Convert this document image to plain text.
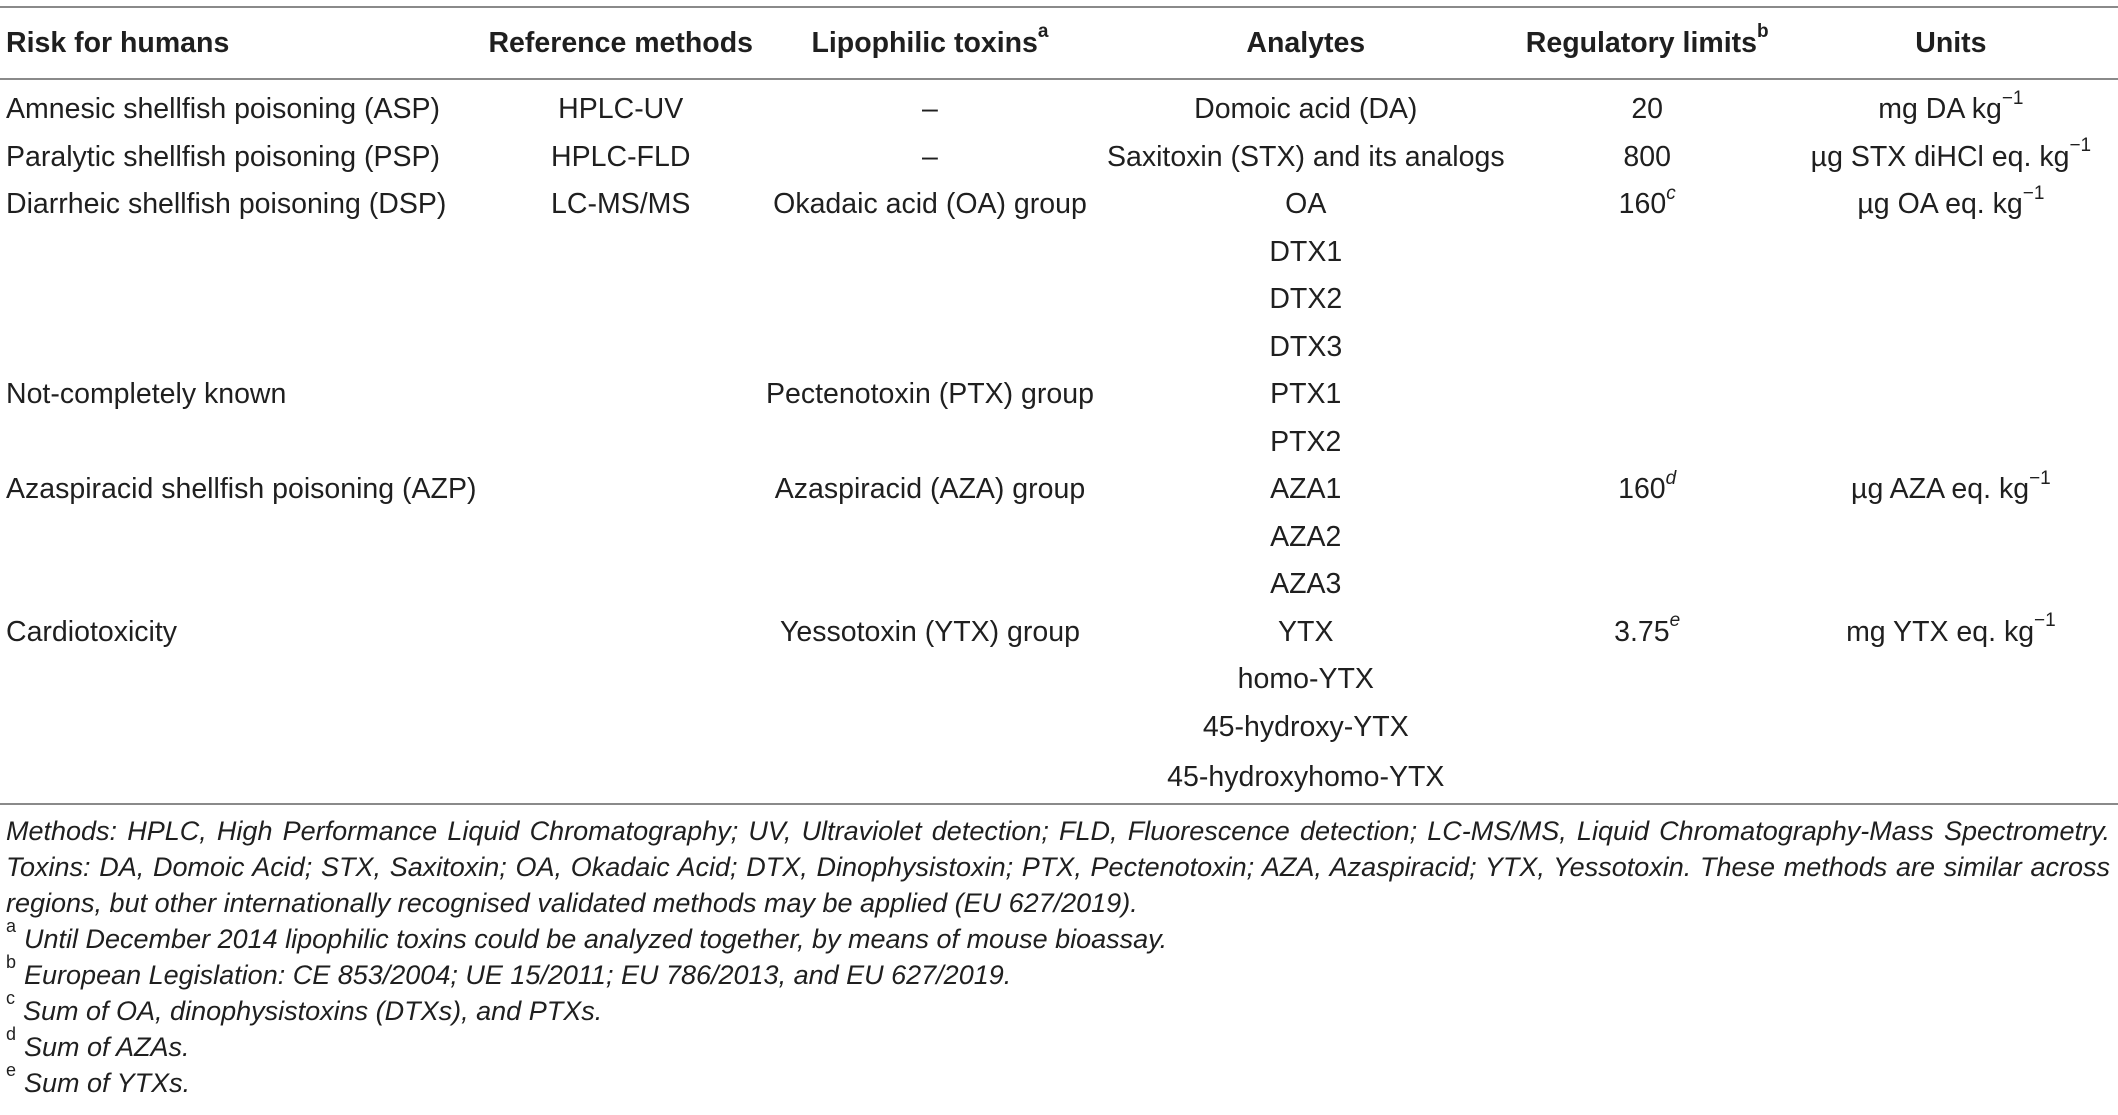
Risk for humans	Reference methods	Lipophilic toxins$^a$	Analytes	Regulatory limits$^b$	Units
Amnesic shellfish poisoning (ASP)	HPLC-UV	–	Domoic acid (DA)	20	mg DA $kg^{-1}$
Paralytic shellfish poisoning (PSP)	HPLC-FLD	–	Saxitoxin (STX) and its analogs	800	µg STX diHCl eq. $kg^{-1}$
Diarrheic shellfish poisoning (DSP)	LC-MS/MS	Okadaic acid (OA) group	OA	160$^c$	µg OA eq. $kg^{-1}$
			DTX1		
			DTX2		
			DTX3		
Not-completely known		Pectenotoxin (PTX) group	PTX1		
			PTX2		
Azaspiracid shellfish poisoning (AZP)		Azaspiracid (AZA) group	AZA1	160$^d$	µg AZA eq. $kg^{-1}$
			AZA2		
			AZA3		
Cardiotoxicity		Yessotoxin (YTX) group	YTX	3.75e	mg YTX eq. $kg^{-1}$
			homo-YTX		
			45-hydroxy-YTX		
			45-hydroxyhomo-YTX		
Methods: HPLC, High Performance Liquid Chromatography; UV, Ultraviolet detection; FLD, Fluorescence detection; LC-MS/MS, Liquid Chromatography-Mass Spectrometry. Toxins: DA, Domoic Acid; STX, Saxitoxin; OA, Okadaic Acid; DTX, Dinophysistoxin; PTX, Pectenotoxin; AZA, Azaspiracid; YTX, Yessotoxin. These methods are similar across regions, but other internationally recognised validated methods may be applied (EU 627/2019).
$^a$ Until December 2014 lipophilic toxins could be analyzed together, by means of mouse bioassay.
$^b$ European Legislation: CE 853/2004; UE 15/2011; EU 786/2013, and EU 627/2019.
$^c$ Sum of OA, dinophysistoxins (DTXs), and PTXs.
$^d$ Sum of AZAs.
$^e$ Sum of YTXs.
